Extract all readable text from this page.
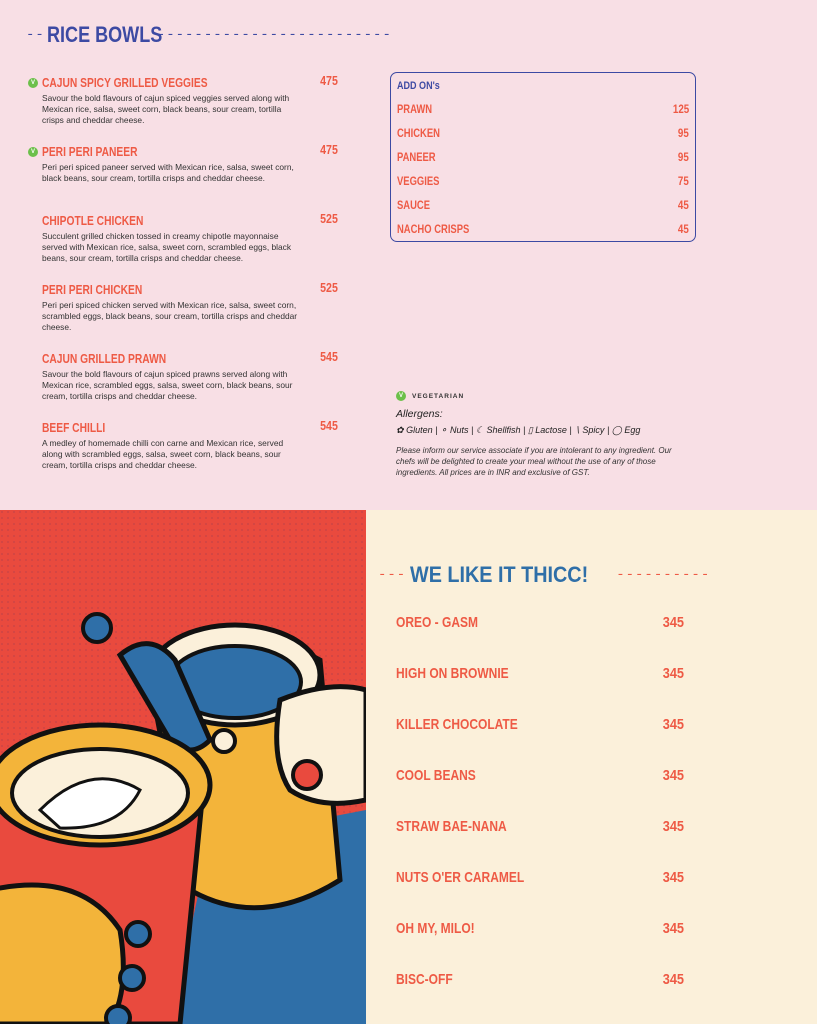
-- RICE BOWLS
-------------------------
V CAJUN SPICY GRILLED VEGGIES	475

Savour the bold flavours of cajun spiced veggies served along with Mexican rice, salsa, sweet corn, black beans, sour cream, tortilla crisps and cheddar cheese.

V PERI PERI PANEER	475

Peri peri spiced paneer served with Mexican rice, salsa, sweet corn, black beans, sour cream, tortilla crisps and cheddar cheese.

CHIPOTLE CHICKEN	525

Succulent grilled chicken tossed in creamy chipotle mayonnaise served with Mexican rice, salsa, sweet corn, scrambled eggs, black beans, sour cream, tortilla crisps and cheddar cheese.

PERI PERI CHICKEN	525

Peri peri spiced chicken served with Mexican rice, salsa, sweet corn, scrambled eggs, black beans, sour cream, tortilla crisps and cheddar cheese.

CAJUN GRILLED PRAWN	545

Savour the bold flavours of cajun spiced prawns served along with Mexican rice, scrambled eggs, salsa, sweet corn, black beans, sour cream, tortilla crisps and cheddar cheese.

BEEF CHILLI	545

A medley of homemade chilli con carne and Mexican rice, served along with scrambled eggs, salsa, sweet corn, black beans, sour cream, tortilla crisps and cheddar cheese.

ADD ON's
PRAWN	125
CHICKEN	95
PANEER	95
VEGGIES	75
SAUCE	45
NACHO CRISPS	45
V	VEGETARIAN
Allergens:
✿ Gluten | ⚬ Nuts | ☾ Shellfish | ▯ Lactose | ∖ Spicy | ◯ Egg

Please inform our service associate if you are intolerant to any ingredient. Our chefs will be delighted to create your meal without the use of any of those ingredients. All prices are in INR and exclusive of GST.

--- WE LIKE IT THICC!	----------
OREO - GASM	345
HIGH ON BROWNIE	345
KILLER CHOCOLATE	345
COOL BEANS	345
STRAW BAE-NANA	345
NUTS O'ER CARAMEL	345
OH MY, MILO!	345
BISC-OFF	345
